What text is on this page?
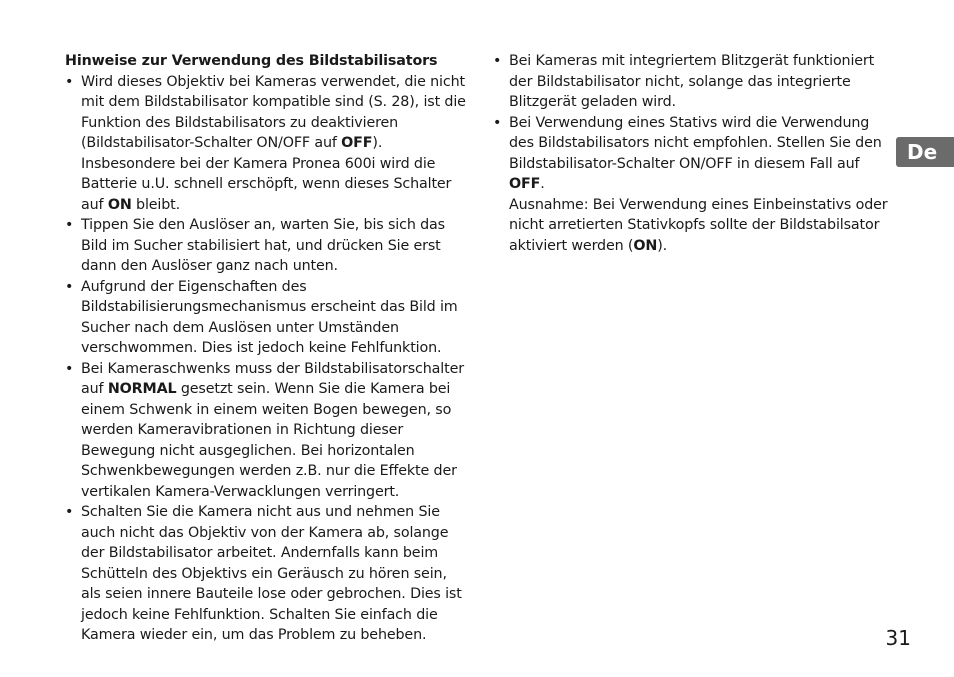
Hinweise zur Verwendung des Bildstabilisators

• Wird dieses Objektiv bei Kameras verwendet, die nicht
mit dem Bildstabilisator kompatible sind (S. 28), ist die
Funktion des Bildstabilisators zu deaktivieren
(Bildstabilisator-Schalter ON/OFF auf OFF).
Insbesondere bei der Kamera Pronea 600i wird die
Batterie u.U. schnell erschöpft, wenn dieses Schalter
auf ON bleibt.
• Tippen Sie den Auslöser an, warten Sie, bis sich das
Bild im Sucher stabilisiert hat, und drücken Sie erst
dann den Auslöser ganz nach unten.
• Aufgrund der Eigenschaften des
Bildstabilisierungsmechanismus erscheint das Bild im
Sucher nach dem Auslösen unter Umständen
verschwommen. Dies ist jedoch keine Fehlfunktion.
• Bei Kameraschwenks muss der Bildstabilisatorschalter
auf NORMAL gesetzt sein. Wenn Sie die Kamera bei
einem Schwenk in einem weiten Bogen bewegen, so
werden Kameravibrationen in Richtung dieser
Bewegung nicht ausgeglichen. Bei horizontalen
Schwenkbewegungen werden z.B. nur die Effekte der
vertikalen Kamera-Verwacklungen verringert.
• Schalten Sie die Kamera nicht aus und nehmen Sie
auch nicht das Objektiv von der Kamera ab, solange
der Bildstabilisator arbeitet. Andernfalls kann beim
Schütteln des Objektivs ein Geräusch zu hören sein,
als seien innere Bauteile lose oder gebrochen. Dies ist
jedoch keine Fehlfunktion. Schalten Sie einfach die
Kamera wieder ein, um das Problem zu beheben.
• Bei Kameras mit integriertem Blitzgerät funktioniert
der Bildstabilisator nicht, solange das integrierte
Blitzgerät geladen wird.
• Bei Verwendung eines Stativs wird die Verwendung
des Bildstabilisators nicht empfohlen. Stellen Sie den
Bildstabilisator-Schalter ON/OFF in diesem Fall auf
OFF.
Ausnahme: Bei Verwendung eines Einbeinstativs oder
nicht arretierten Stativkopfs sollte der Bildstabilsator
aktiviert werden (ON).
De
31
